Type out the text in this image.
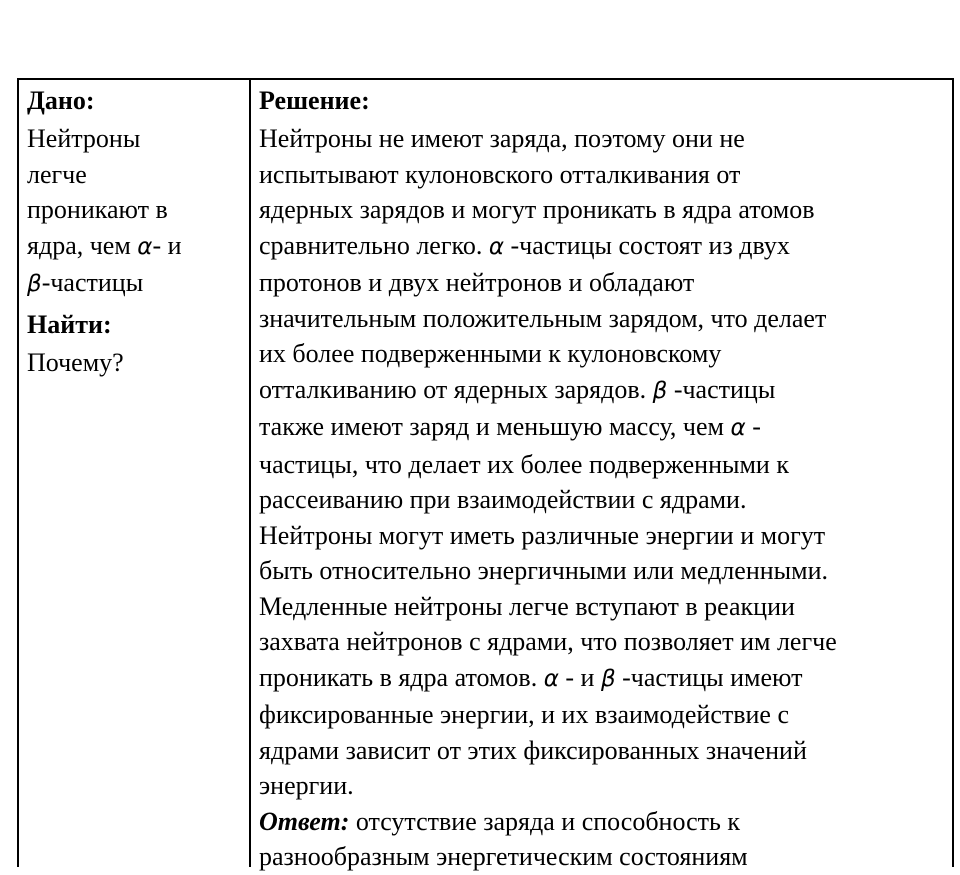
Дано:
Нейтроны
легче
проникают в
ядра, чем α- и
β-частицы
Найти:
Почему?
Решение:
Нейтроны не имеют заряда, поэтому они не
испытывают кулоновского отталкивания от
ядерных зарядов и могут проникать в ядра атомов
сравнительно легко. α -частицы состоят из двух
протонов и двух нейтронов и обладают
значительным положительным зарядом, что делает
их более подверженными к кулоновскому
отталкиванию от ядерных зарядов. β -частицы
также имеют заряд и меньшую массу, чем α -
частицы, что делает их более подверженными к
рассеиванию при взаимодействии с ядрами.
Нейтроны могут иметь различные энергии и могут
быть относительно энергичными или медленными.
Медленные нейтроны легче вступают в реакции
захвата нейтронов с ядрами, что позволяет им легче
проникать в ядра атомов. α - и β -частицы имеют
фиксированные энергии, и их взаимодействие с
ядрами зависит от этих фиксированных значений
энергии.
Ответ: отсутствие заряда и способность к
разнообразным энергетическим состояниям
